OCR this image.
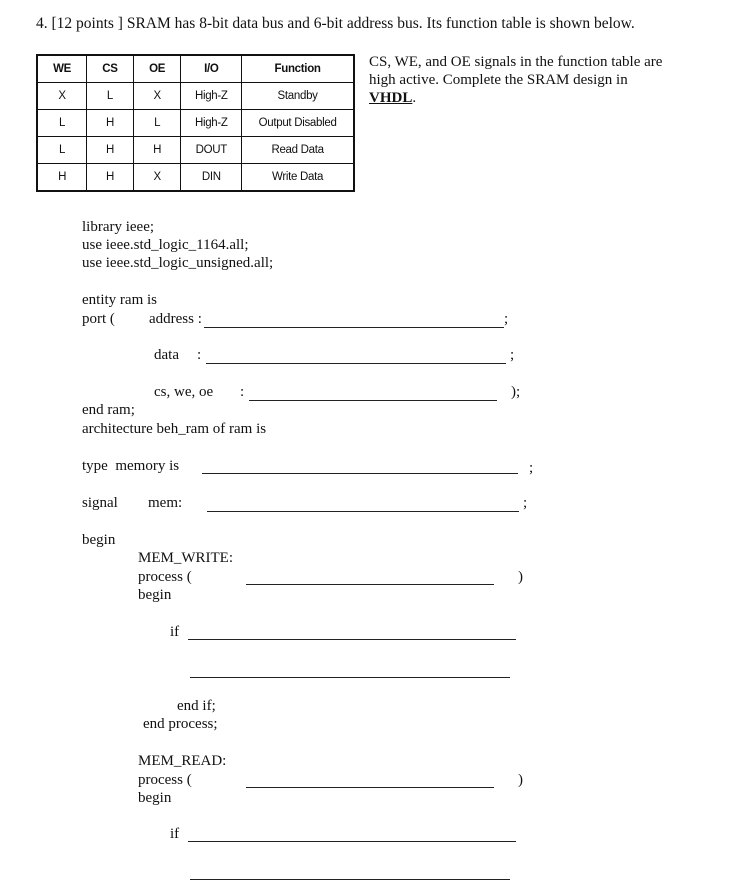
4. [12 points ] SRAM has 8-bit data bus and 6-bit address bus. Its function table is shown below.
WE	CS	OE	I/O	Function
X	L	X	High-Z	Standby
L	H	L	High-Z	Output Disabled
L	H	H	DOUT	Read Data
H	H	X	DIN	Write Data
CS, WE, and OE signals in the function table are
high active. Complete the SRAM design in
VHDL.
library ieee;
use ieee.std_logic_1164.all;
use ieee.std_logic_unsigned.all;
entity ram is
port ( address :	;
data :	;
cs, we, oe :	);
end ram;
architecture beh_ram of ram is
type  memory is	;
signal mem:	;
begin
MEM_WRITE:
process (	)
begin
if
end if;
end process;
MEM_READ:
process (	)
begin
if
